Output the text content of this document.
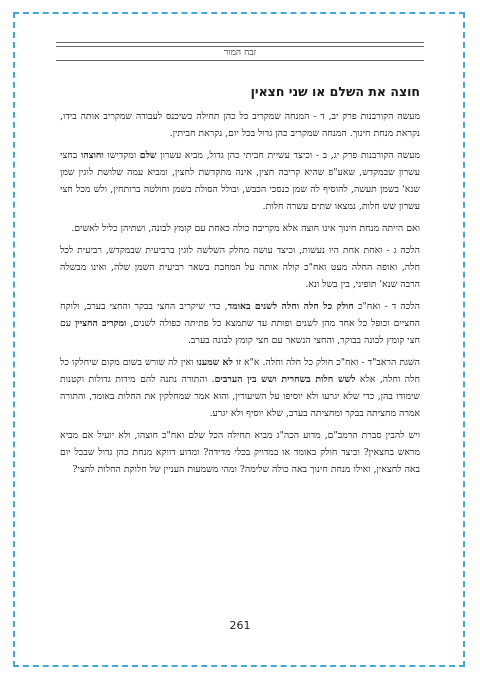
זבח המור
חוצה את השלם או שני חצאין

מעשה הקורבנות פרק יב, ד - המנחה שמקריב כל כהן תחילה כשיכנס לעבודה שמקריב אותה בידו, נקראת מנחת חינוך. המנחה שמקריב כהן גדול בכל יום, נקראת חביתין.

מעשה הקורבנות פרק יג, ב - וכיצד עשיית חביתי כהן גדול, מביא עשרון שלם ומקדישו וחוצהו בחצי עשרון שבמקדש, שאע"פ שהיא קריבה חצין, אינה מתקדשת לחצין, ומביא עמה שלושת לוגין שמן שנא' בשמן תעשה, להוסיף לה שמן כנסכי הכבש, ובולל הסולת בשמן וחולטה ברותחין, ולש מכל חצי עשרון שש חלות, נמצאו שתים עשרה חלות.

ואם הייתה מנחת חינוך אינו חוצה אלא מקריבה כולה כאחת עם קומץ לבונה, ושתיהן כליל לאשים.

הלכה ג - ואחת אחת היו נעשות, וכיצד עושה מחלק השלשה לוגין ברביעית שבמקדש, רביעית לכל חלה, ואופה החלה מעט ואח"כ קולה אותה על המחבת בשאר רביעית השמן שלה, ואינו מבשלה הרבה שנא' תופיני, בין בשל ונא.

הלכה ד - ואח"כ חולק כל חלה וחלה לשנים באומד, כדי שיקריב החצי בבקר והחצי בערב, ולוקח החציים וכופל כל אחד מהן לשנים ופותת עד שתמצא כל פתיתה כפולה לשנים, ומקריב החציין עם חצי קומץ לבונה בבוקר, והחצי הנשאר עם חצי קומץ לבונה בערב.

השגת הראב"ד - ואח"כ חולק כל חלה וחלה. א"א זו לא שמענו ואין לה שורש בשום מקום שיחלקו כל חלה וחלה, אלא לשש חלות בשחרית ושש בין הערבים. והתורה נתנה להם מידות גדולות וקטנות שימודו בהן, כדי שלא יגרעו ולא יוסיפו על השיעורין, והוא אמר שמחלקין את החלות באומד, והתורה אמרה מחציתה בבקר ומחציתה בערב, שלא יוסיף ולא יגרע.

ויש להבין סברת הרמב"ם, מדוע הכה"ג מביא תחילה הכל שלם ואח"כ חוצהו, ולא יועיל אם מביא מראש בחצאין? וכיצד חולק באומד או במדויק בכלי מדידה? ומדוע דווקא מנחת כהן גדול שבכל יום באה לחצאין, ואילו מנחת חינוך באה כולה שלימה? ומהי משמעות העניין של חלוקת החלות לחצי?

261
